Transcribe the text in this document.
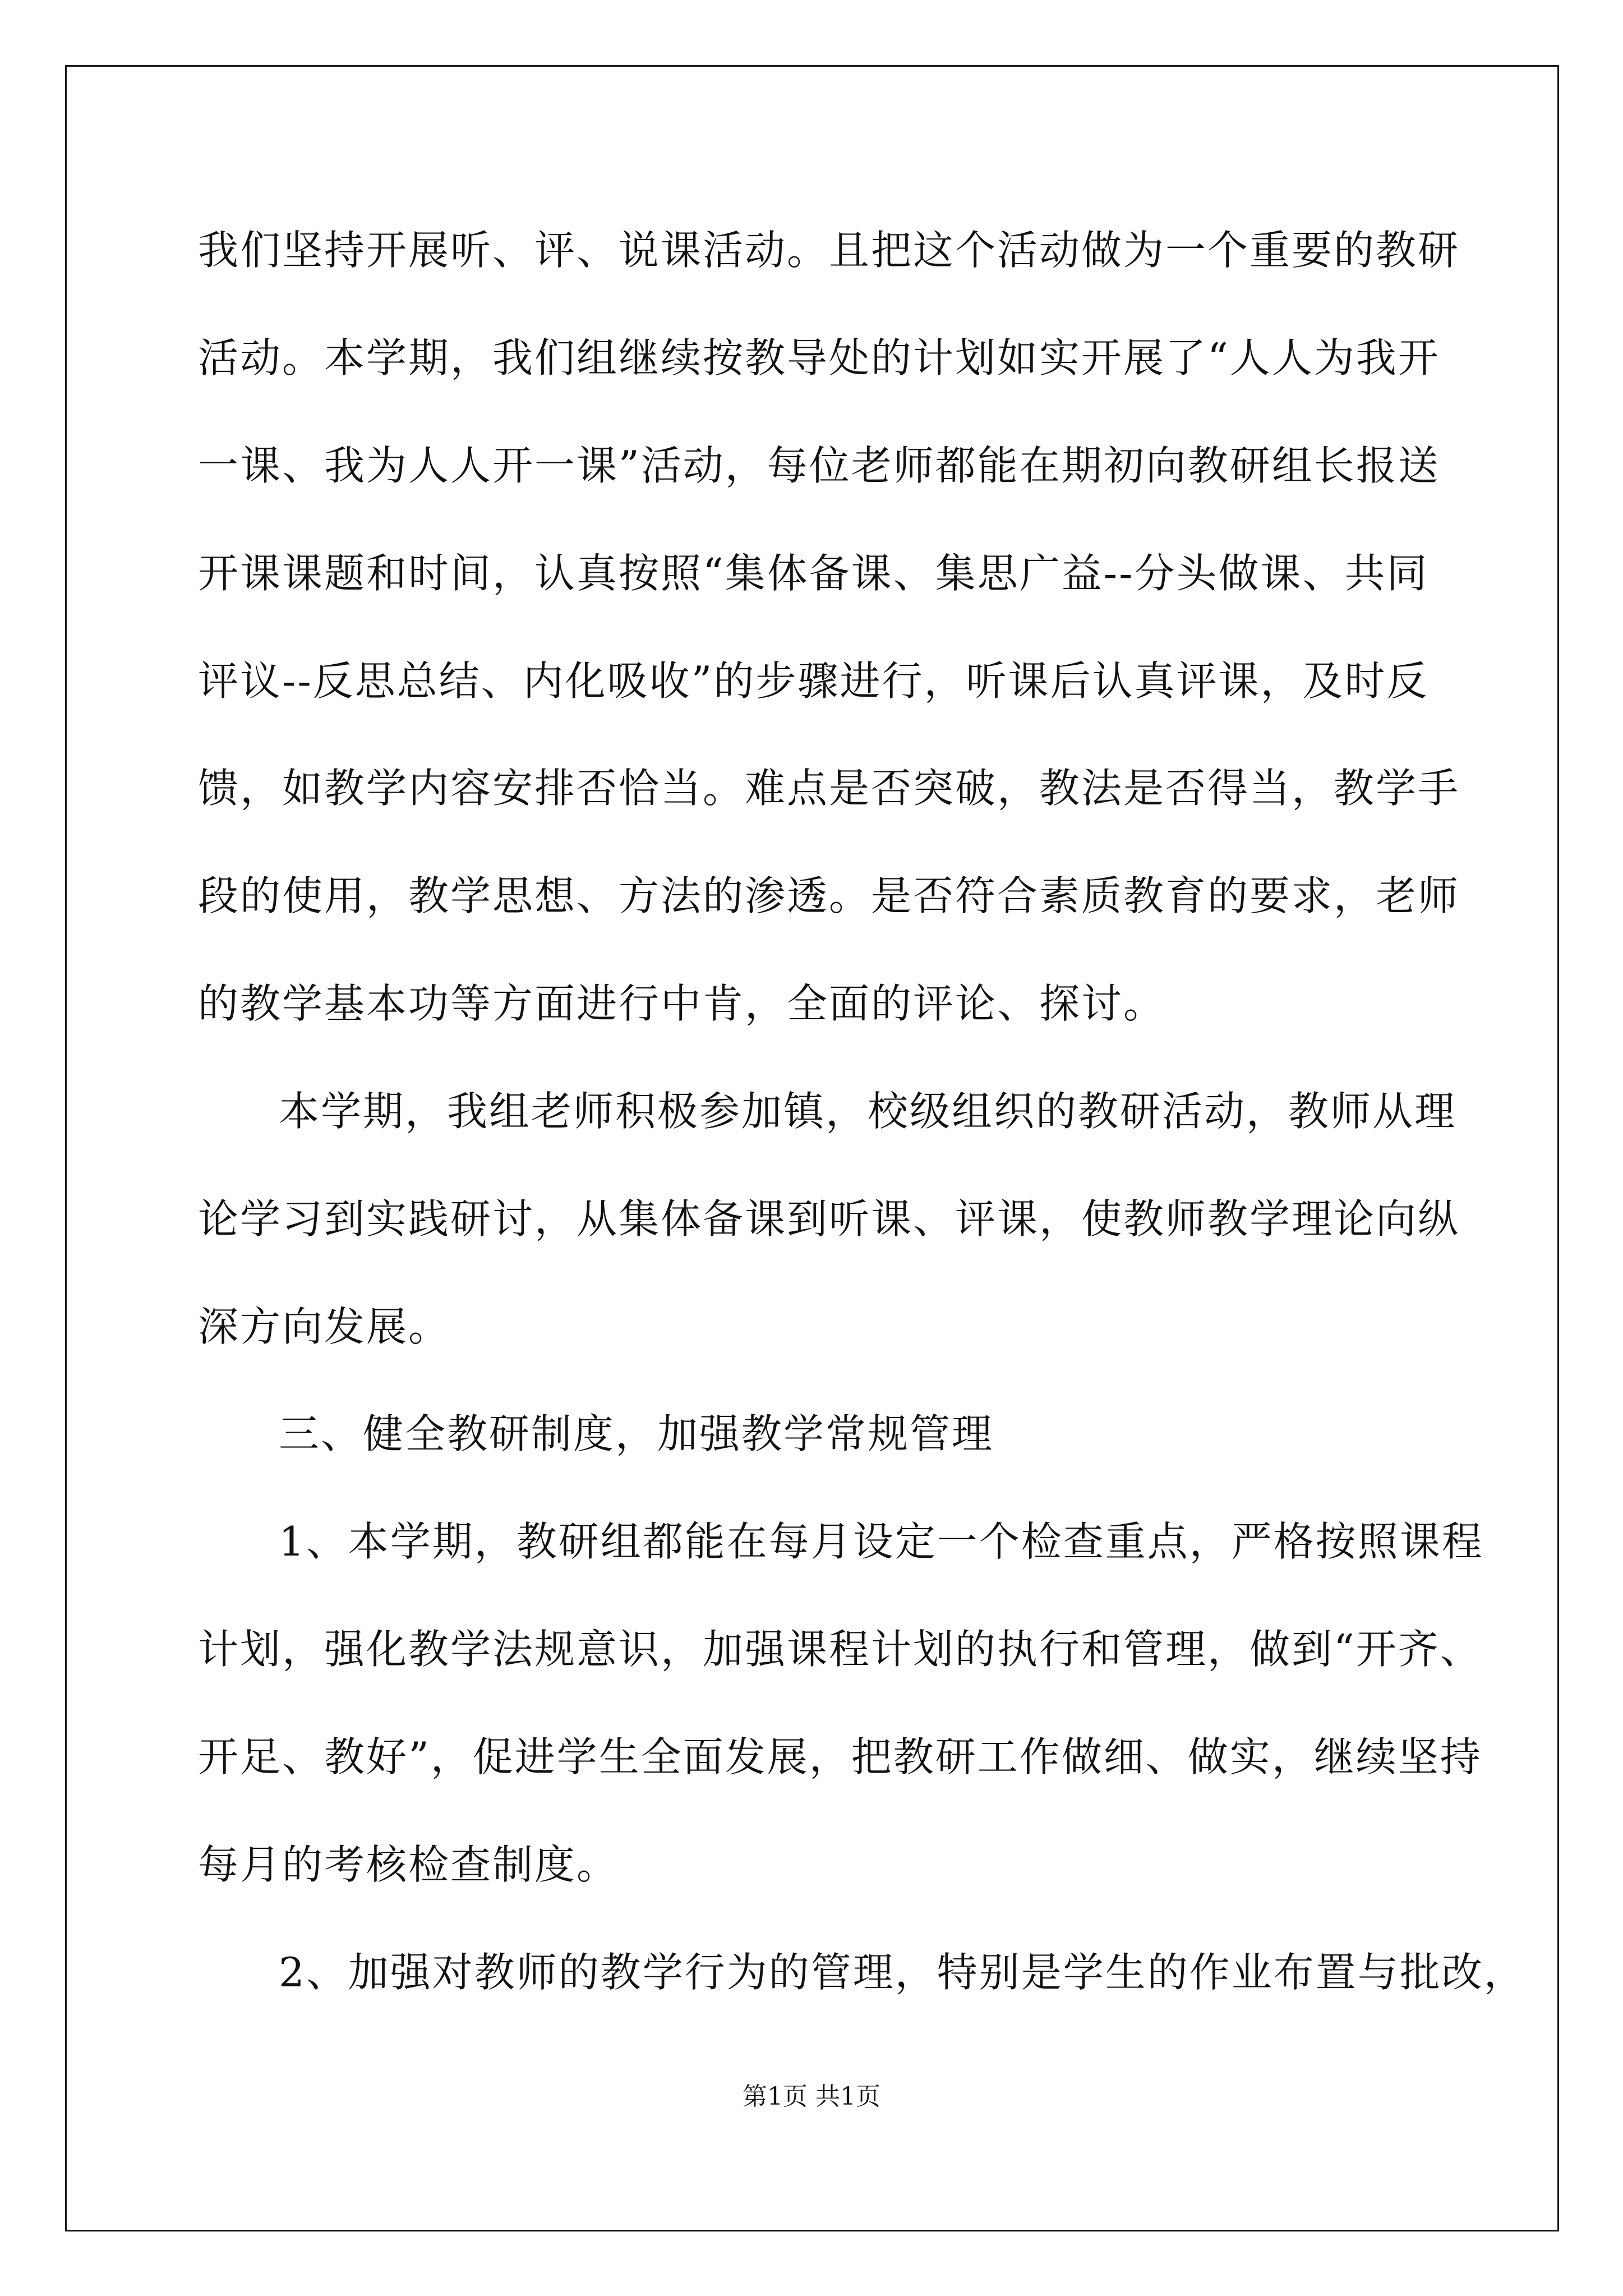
我们坚持开展听、评、说课活动。且把这个活动做为一个重要的教研
活动。本学期，我们组继续按教导处的计划如实开展了“人人为我开
一课、我为人人开一课”活动，每位老师都能在期初向教研组长报送
开课课题和时间，认真按照“集体备课、集思广益--分头做课、共同
评议--反思总结、内化吸收”的步骤进行，听课后认真评课，及时反
馈，如教学内容安排否恰当。难点是否突破，教法是否得当，教学手
段的使用，教学思想、方法的渗透。是否符合素质教育的要求，老师
的教学基本功等方面进行中肯，全面的评论、探讨。
本学期，我组老师积极参加镇，校级组织的教研活动，教师从理
论学习到实践研讨，从集体备课到听课、评课，使教师教学理论向纵
深方向发展。
三、健全教研制度，加强教学常规管理
1、本学期，教研组都能在每月设定一个检查重点，严格按照课程
计划，强化教学法规意识，加强课程计划的执行和管理，做到“开齐、
开足、教好”，促进学生全面发展，把教研工作做细、做实，继续坚持
每月的考核检查制度。
2、加强对教师的教学行为的管理，特别是学生的作业布置与批改，
第1页 共1页
